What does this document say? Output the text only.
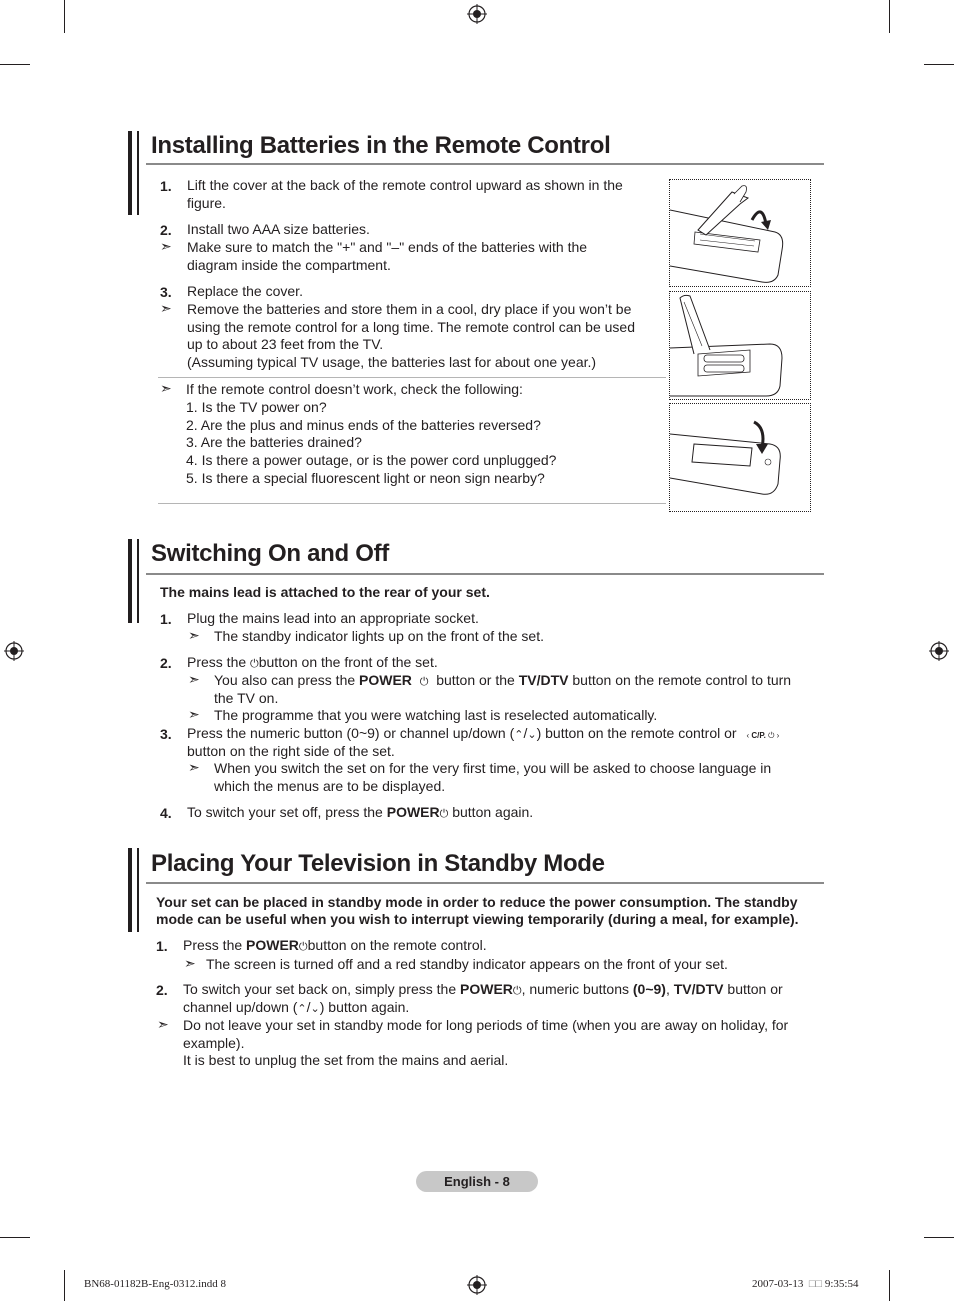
Installing Batteries in the Remote Control
1. Lift the cover at the back of the remote control upward as shown in the
figure.
2. Install two AAA size batteries.
➣ Make sure to match the "+" and "–" ends of the batteries with the
diagram inside the compartment.
3. Replace the cover.
➣ Remove the batteries and store them in a cool, dry place if you won’t be
using the remote control for a long time. The remote control can be used
up to about 23 feet from the TV.
(Assuming typical TV usage, the batteries last for about one year.)
➣ If the remote control doesn’t work, check the following:
1. Is the TV power on?
2. Are the plus and minus ends of the batteries reversed?
3. Are the batteries drained?
4. Is there a power outage, or is the power cord unplugged?
5. Is there a special fluorescent light or neon sign nearby?
Switching On and Off
The mains lead is attached to the rear of your set.
1. Plug the mains lead into an appropriate socket.
➣ The standby indicator lights up on the front of the set.
2. Press the ⏻button on the front of the set.
➣ You also can press the POWER ⏻ button or the TV/DTV button on the remote control to turn
the TV on.
➣ The programme that you were watching last is reselected automatically.
3. Press the numeric button (0~9) or channel up/down (⌃/⌄) button on the remote control or ‹ C/P. ⏻ ›
button on the right side of the set.
➣ When you switch the set on for the very first time, you will be asked to choose language in
which the menus are to be displayed.
4. To switch your set off, press the POWER⏻ button again.
Placing Your Television in Standby Mode
Your set can be placed in standby mode in order to reduce the power consumption. The standby
mode can be useful when you wish to interrupt viewing temporarily (during a meal, for example).
1. Press the POWER⏻button on the remote control.
➣ The screen is turned off and a red standby indicator appears on the front of your set.
2. To switch your set back on, simply press the POWER⏻, numeric buttons (0~9), TV/DTV button or
channel up/down (⌃/⌄) button again.
➣ Do not leave your set in standby mode for long periods of time (when you are away on holiday, for
example).
It is best to unplug the set from the mains and aerial.
English - 8
BN68-01182B-Eng-0312.indd 8	2007-03-13 □□ 9:35:54
